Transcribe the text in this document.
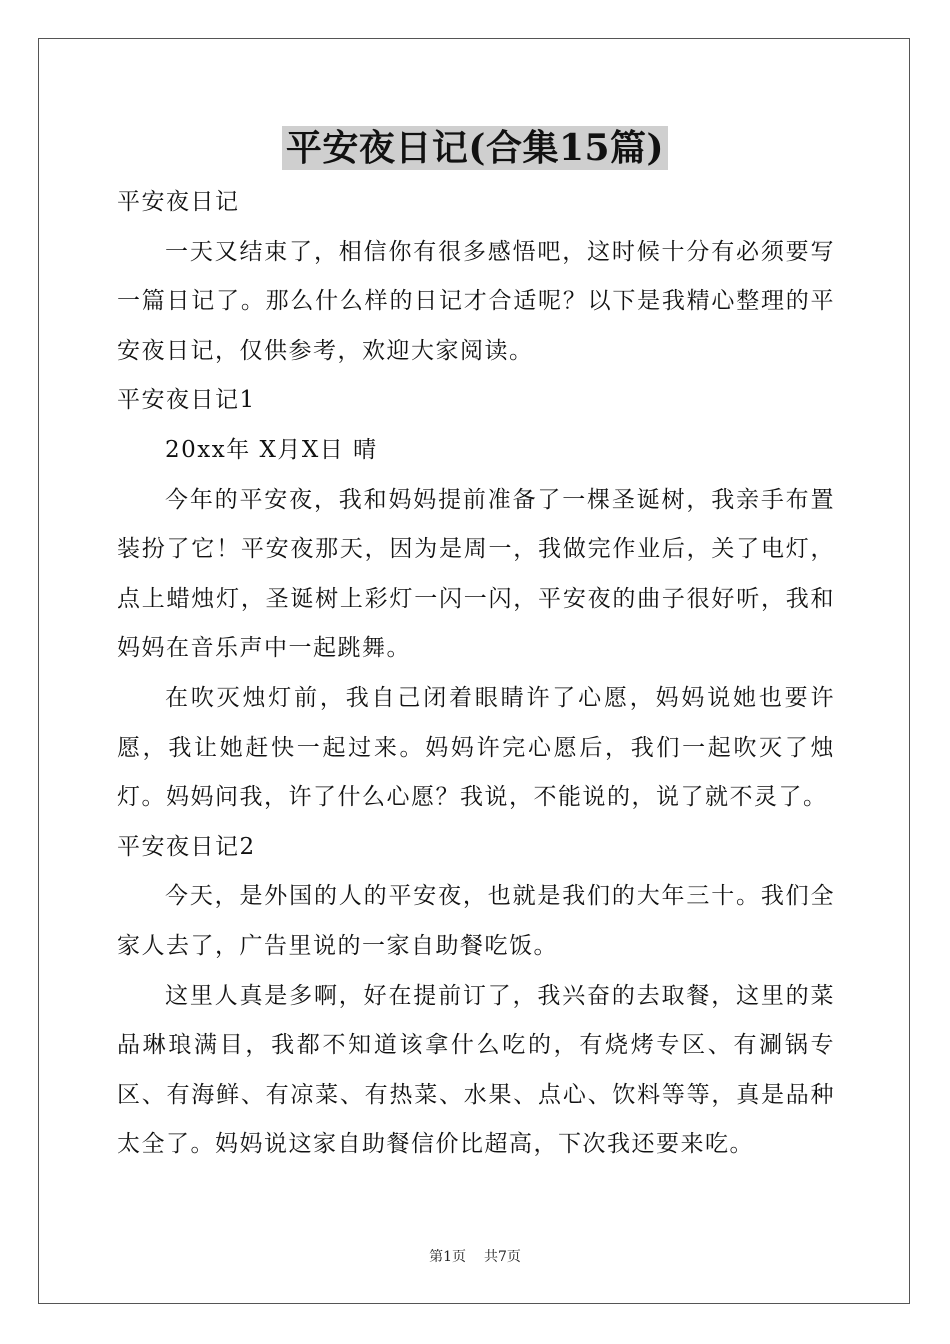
平安夜日记(合集15篇)

平安夜日记

一天又结束了，相信你有很多感悟吧，这时候十分有必须要写一篇日记了。那么什么样的日记才合适呢？以下是我精心整理的平安夜日记，仅供参考，欢迎大家阅读。

平安夜日记1

20xx年 X月X日 晴

今年的平安夜，我和妈妈提前准备了一棵圣诞树，我亲手布置装扮了它！平安夜那天，因为是周一，我做完作业后，关了电灯，点上蜡烛灯，圣诞树上彩灯一闪一闪，平安夜的曲子很好听，我和妈妈在音乐声中一起跳舞。

在吹灭烛灯前，我自己闭着眼睛许了心愿，妈妈说她也要许愿，我让她赶快一起过来。妈妈许完心愿后，我们一起吹灭了烛灯。妈妈问我，许了什么心愿？我说，不能说的，说了就不灵了。

平安夜日记2

今天，是外国的人的平安夜，也就是我们的大年三十。我们全家人去了，广告里说的一家自助餐吃饭。

这里人真是多啊，好在提前订了，我兴奋的去取餐，这里的菜品琳琅满目，我都不知道该拿什么吃的，有烧烤专区、有涮锅专区、有海鲜、有凉菜、有热菜、水果、点心、饮料等等，真是品种太全了。妈妈说这家自助餐信价比超高，下次我还要来吃。

第1页 共7页
